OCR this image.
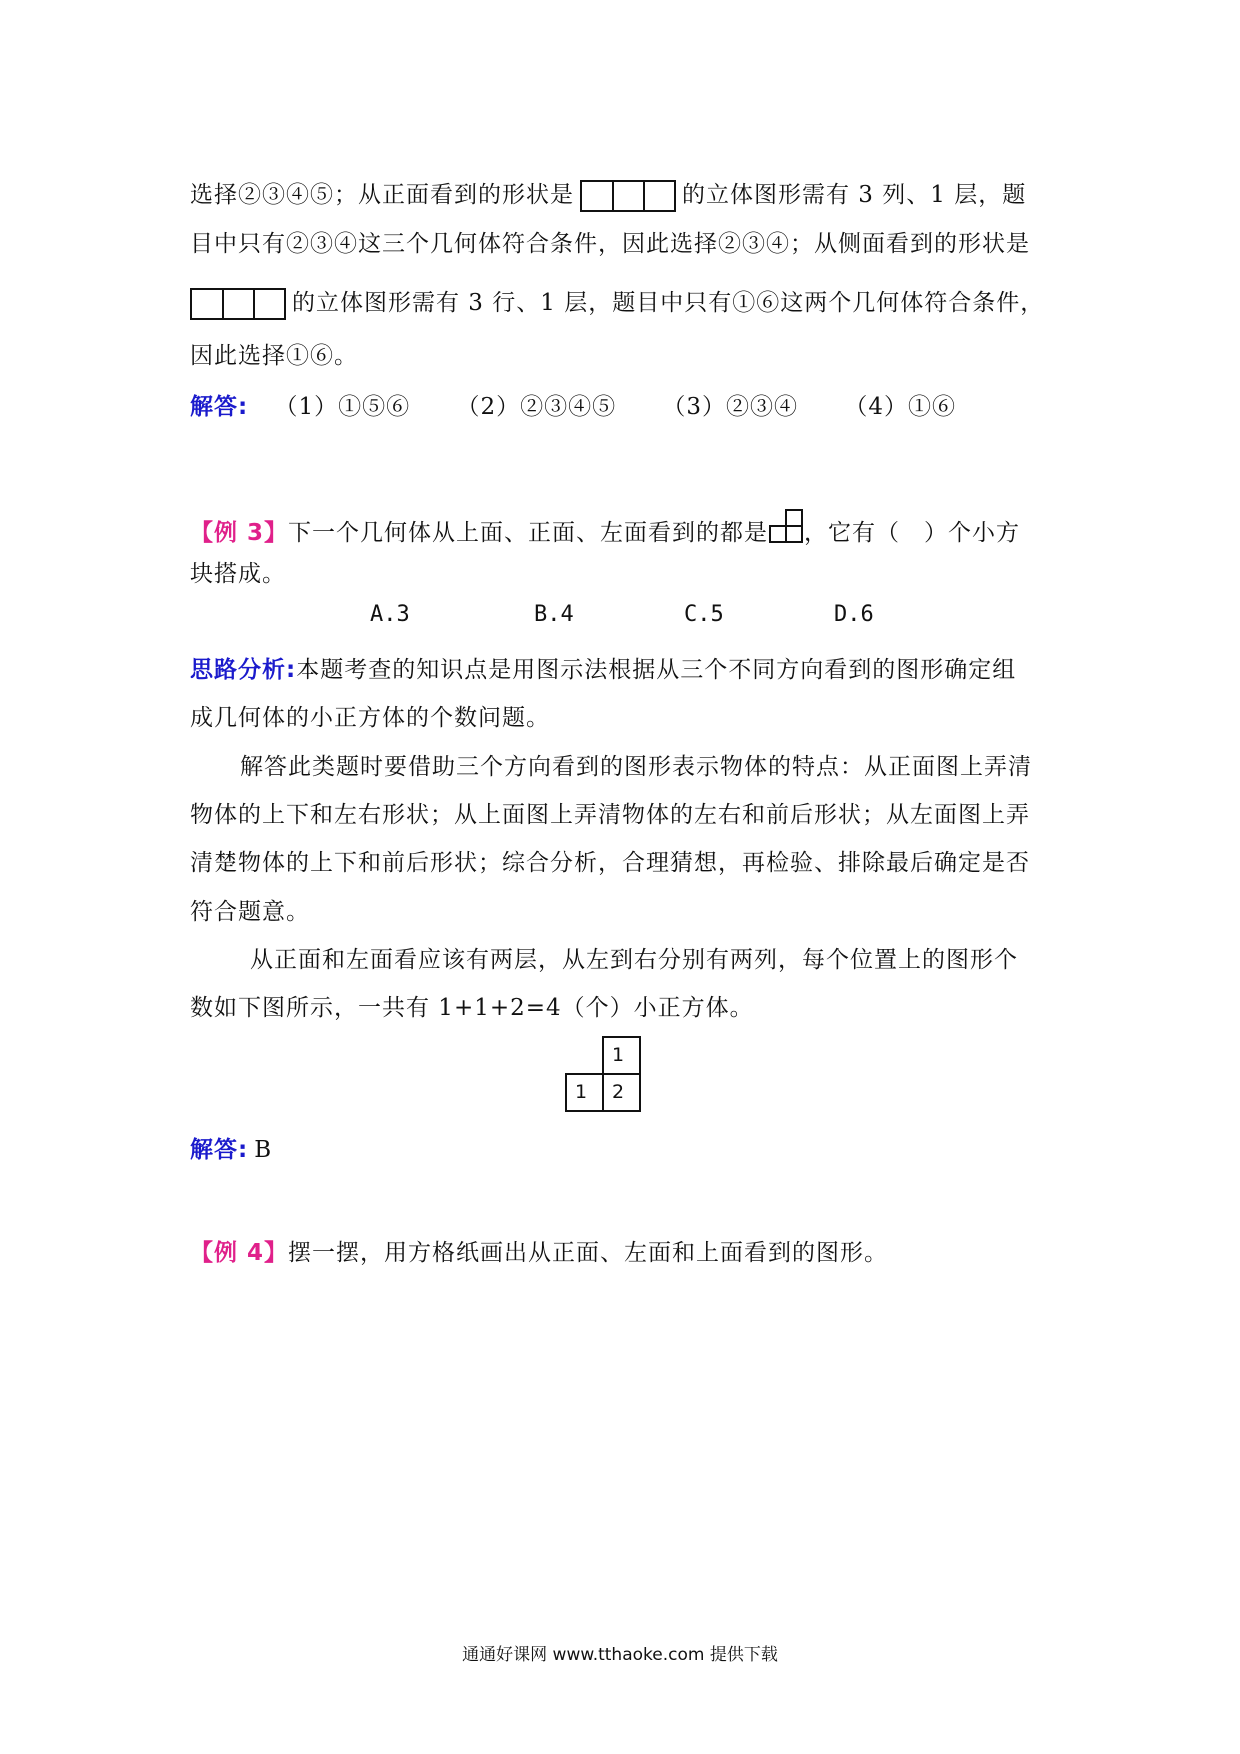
选择②③④⑤；从正面看到的形状是	的立体图形需有 3 列、1 层，题
目中只有②③④这三个几何体符合条件，因此选择②③④；从侧面看到的形状是
的立体图形需有 3 行、1 层，题目中只有①⑥这两个几何体符合条件，
因此选择①⑥。
解答: （1）①⑤⑥ （2）②③④⑤ （3）②③④ （4）①⑥
【例 3】下一个几何体从上面、正面、左面看到的都是 ，它有（　）个小方
块搭成。
A.3	B.4	C.5	D.6
思路分析:本题考查的知识点是用图示法根据从三个不同方向看到的图形确定组
成几何体的小正方体的个数问题。
解答此类题时要借助三个方向看到的图形表示物体的特点：从正面图上弄清
物体的上下和左右形状；从上面图上弄清物体的左右和前后形状；从左面图上弄
清楚物体的上下和前后形状；综合分析，合理猜想，再检验、排除最后确定是否
符合题意。
从正面和左面看应该有两层，从左到右分别有两列，每个位置上的图形个
数如下图所示，一共有 1+1+2=4（个）小正方体。
1
1 2
解答: B
【例 4】摆一摆，用方格纸画出从正面、左面和上面看到的图形。
通通好课网 www.tthaoke.com 提供下载
